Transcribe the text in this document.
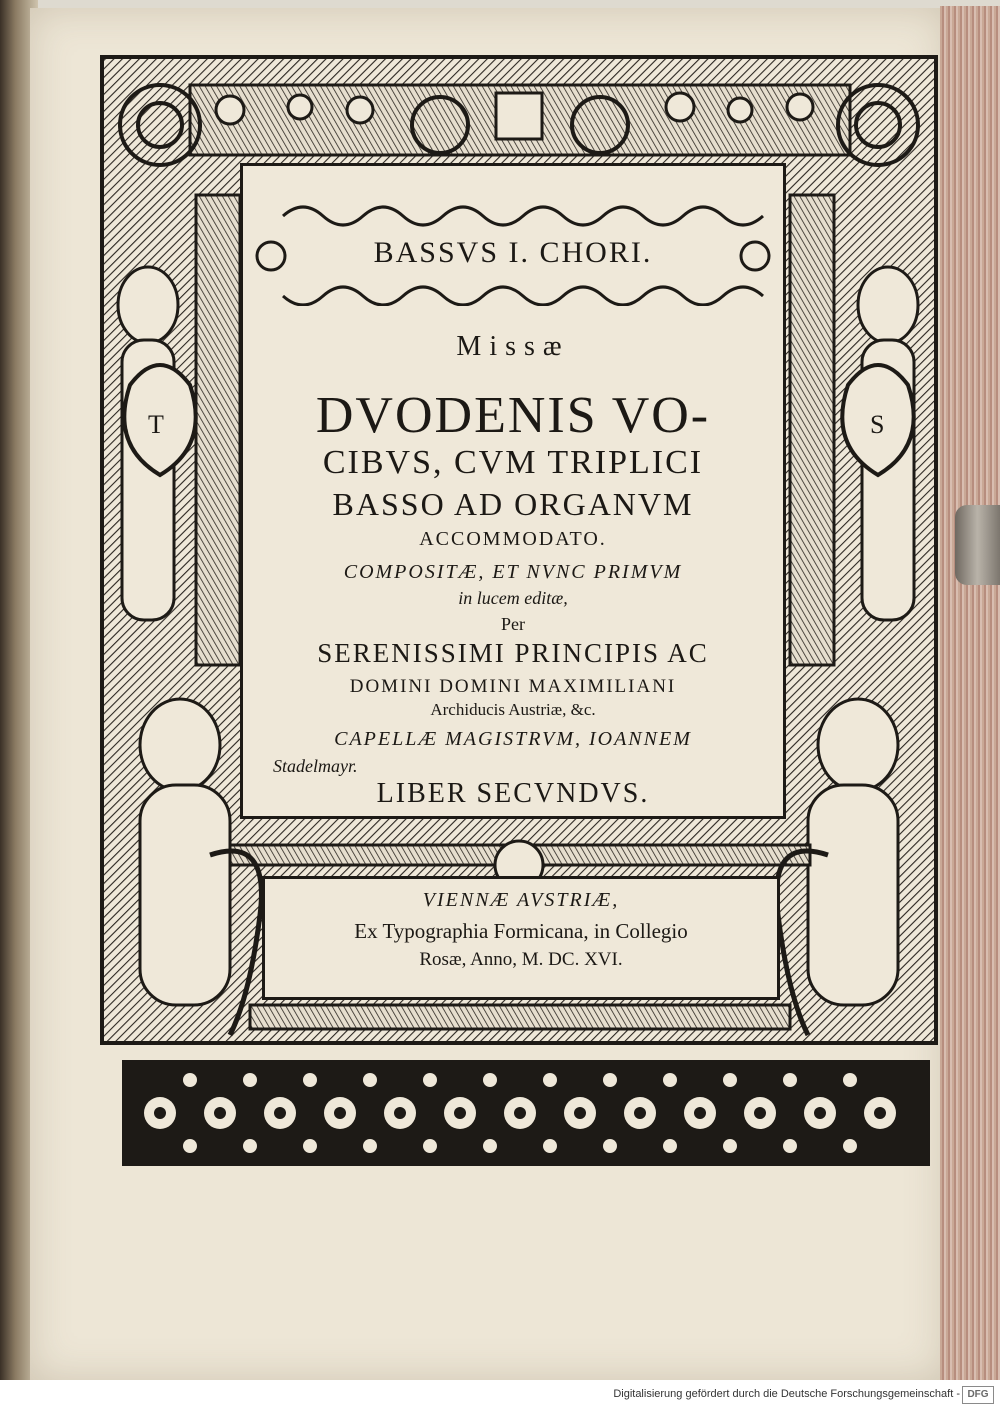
T	S
BASSVS I. CHORI.
Missæ
DVODENIS VO-
CIBVS, CVM TRIPLICI
BASSO AD ORGANVM
ACCOMMODATO.
COMPOSITÆ, ET NVNC PRIMVM
in lucem editæ,
Per
SERENISSIMI PRINCIPIS AC
DOMINI DOMINI MAXIMILIANI
Archiducis Austriæ, &c.
CAPELLÆ MAGISTRVM, IOANNEM
Stadelmayr.
LIBER SECVNDVS.
VIENNÆ AVSTRIÆ,
Ex Typographia Formicana, in Collegio
Rosæ, Anno, M. DC. XVI.
Digitalisierung gefördert durch die Deutsche Forschungsgemeinschaft - DFG
